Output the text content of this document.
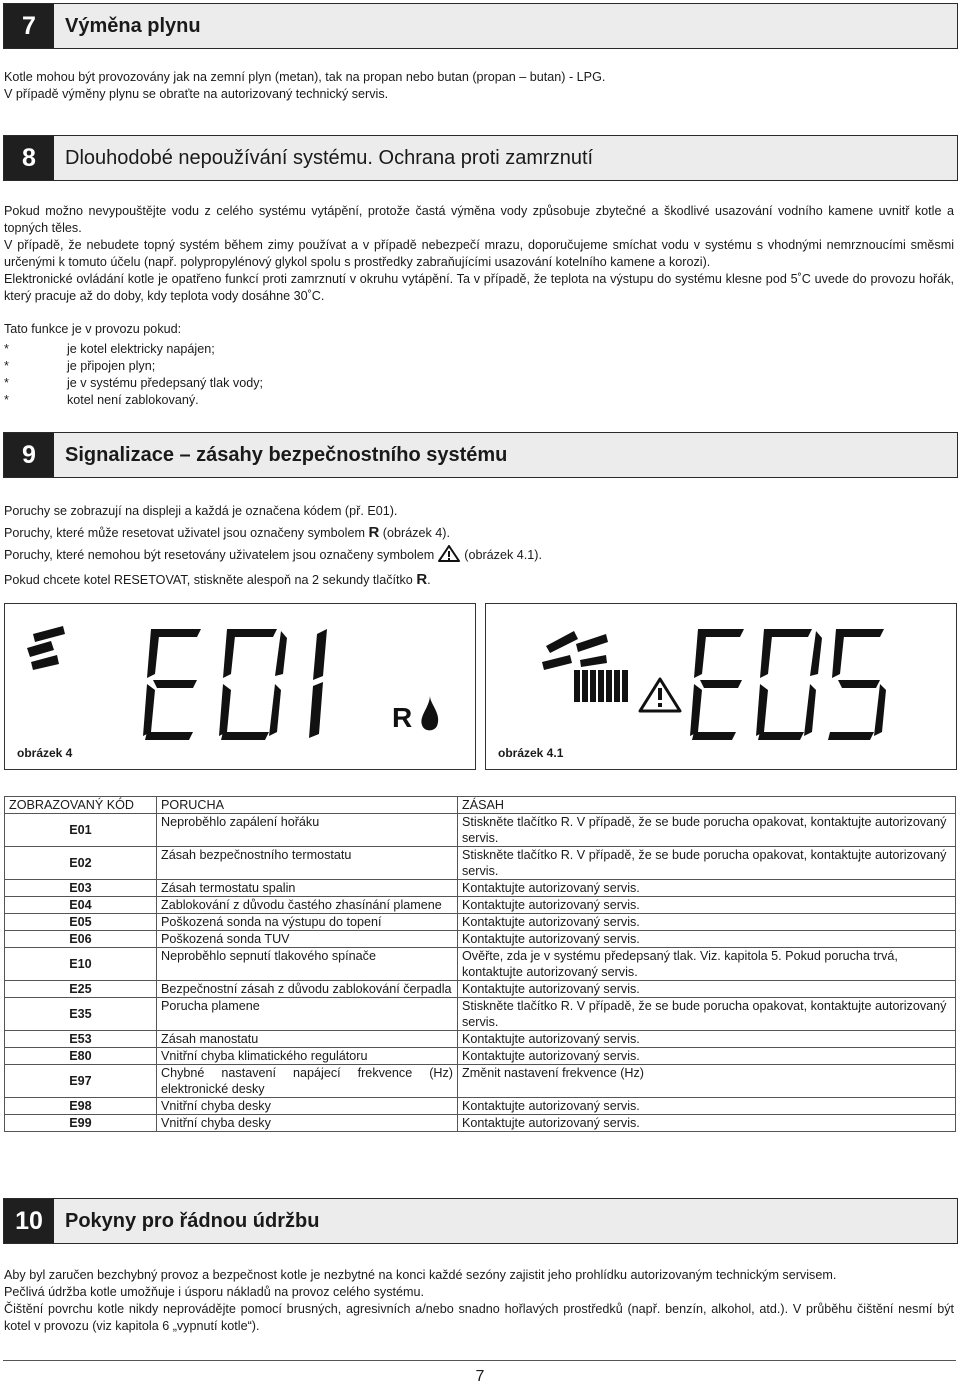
7	Výměna plynu

Kotle mohou být provozovány jak na zemní plyn (metan), tak na propan nebo butan (propan – butan) - LPG.

V případě výměny plynu se obraťte na autorizovaný technický servis.

8	Dlouhodobé nepoužívání systému. Ochrana proti zamrznutí

Pokud možno nevypouštějte vodu z celého systému vytápění, protože častá výměna vody způsobuje zbytečné a škodlivé usazování vodního kamene uvnitř kotle a topných těles.

V případě, že nebudete topný systém během zimy používat a v případě nebezpečí mrazu, doporučujeme smíchat vodu v systému s vhodnými nemrznoucími směsmi určenými k tomuto účelu (např. polypropylénový glykol spolu s prostředky zabraňujícími usazování kotelního kamene a korozi).

Elektronické ovládání kotle je opatřeno funkcí proti zamrznutí v okruhu vytápění. Ta v případě, že teplota na výstupu do systému klesne pod 5˚C uvede do provozu hořák, který pracuje až do doby, kdy teplota vody dosáhne 30˚C.

Tato funkce je v provozu pokud:

*	je kotel elektricky napájen;
*	je připojen plyn;
*	je v systému předepsaný tlak vody;
*	kotel není zablokovaný.
9	Signalizace – zásahy bezpečnostního systému

Poruchy se zobrazují na displeji a každá je označena kódem (př. E01).

Poruchy, které může resetovat uživatel jsou označeny symbolem R (obrázek 4).

Poruchy, které nemohou být resetovány uživatelem jsou označeny symbolem (obrázek 4.1).

Pokud chcete kotel RESETOVAT, stiskněte alespoň na 2 sekundy tlačítko R.

R
obrázek 4	obrázek 4.1
ZOBRAZOVANÝ KÓD	PORUCHA	ZÁSAH
E01	Neproběhlo zapálení hořáku	Stiskněte tlačítko R. V případě, že se bude porucha opakovat, kontaktujte autorizovaný servis.
E02	Zásah bezpečnostního termostatu	Stiskněte tlačítko R. V případě, že se bude porucha opakovat, kontaktujte autorizovaný servis.
E03	Zásah termostatu spalin	Kontaktujte autorizovaný servis.
E04	Zablokování z důvodu častého zhasínání plamene	Kontaktujte autorizovaný servis.
E05	Poškozená sonda na výstupu do topení	Kontaktujte autorizovaný servis.
E06	Poškozená sonda TUV	Kontaktujte autorizovaný servis.
E10	Neproběhlo sepnutí tlakového spínače	Ověřte, zda je v systému předepsaný tlak. Viz. kapitola 5. Pokud porucha trvá, kontaktujte autorizovaný servis.
E25	Bezpečnostní zásah z důvodu zablokování čerpadla	Kontaktujte autorizovaný servis.
E35	Porucha plamene	Stiskněte tlačítko R. V případě, že se bude porucha opakovat, kontaktujte autorizovaný servis.
E53	Zásah manostatu	Kontaktujte autorizovaný servis.
E80	Vnitřní chyba klimatického regulátoru	Kontaktujte autorizovaný servis.
E97	Chybné nastavení napájecí frekvence (Hz) elektronické desky	Změnit nastavení frekvence (Hz)
E98	Vnitřní chyba desky	Kontaktujte autorizovaný servis.
E99	Vnitřní chyba desky	Kontaktujte autorizovaný servis.
10	Pokyny pro řádnou údržbu

Aby byl zaručen bezchybný provoz a bezpečnost kotle je nezbytné na konci každé sezóny zajistit jeho prohlídku autorizovaným technickým servisem.

Pečlivá údržba kotle umožňuje i úsporu nákladů na provoz celého systému.

Čištění povrchu kotle nikdy neprovádějte pomocí brusných, agresivních a/nebo snadno hořlavých prostředků (např. benzín, alkohol, atd.). V průběhu čištění nesmí být kotel v provozu (viz kapitola 6 „vypnutí kotle“).

7
